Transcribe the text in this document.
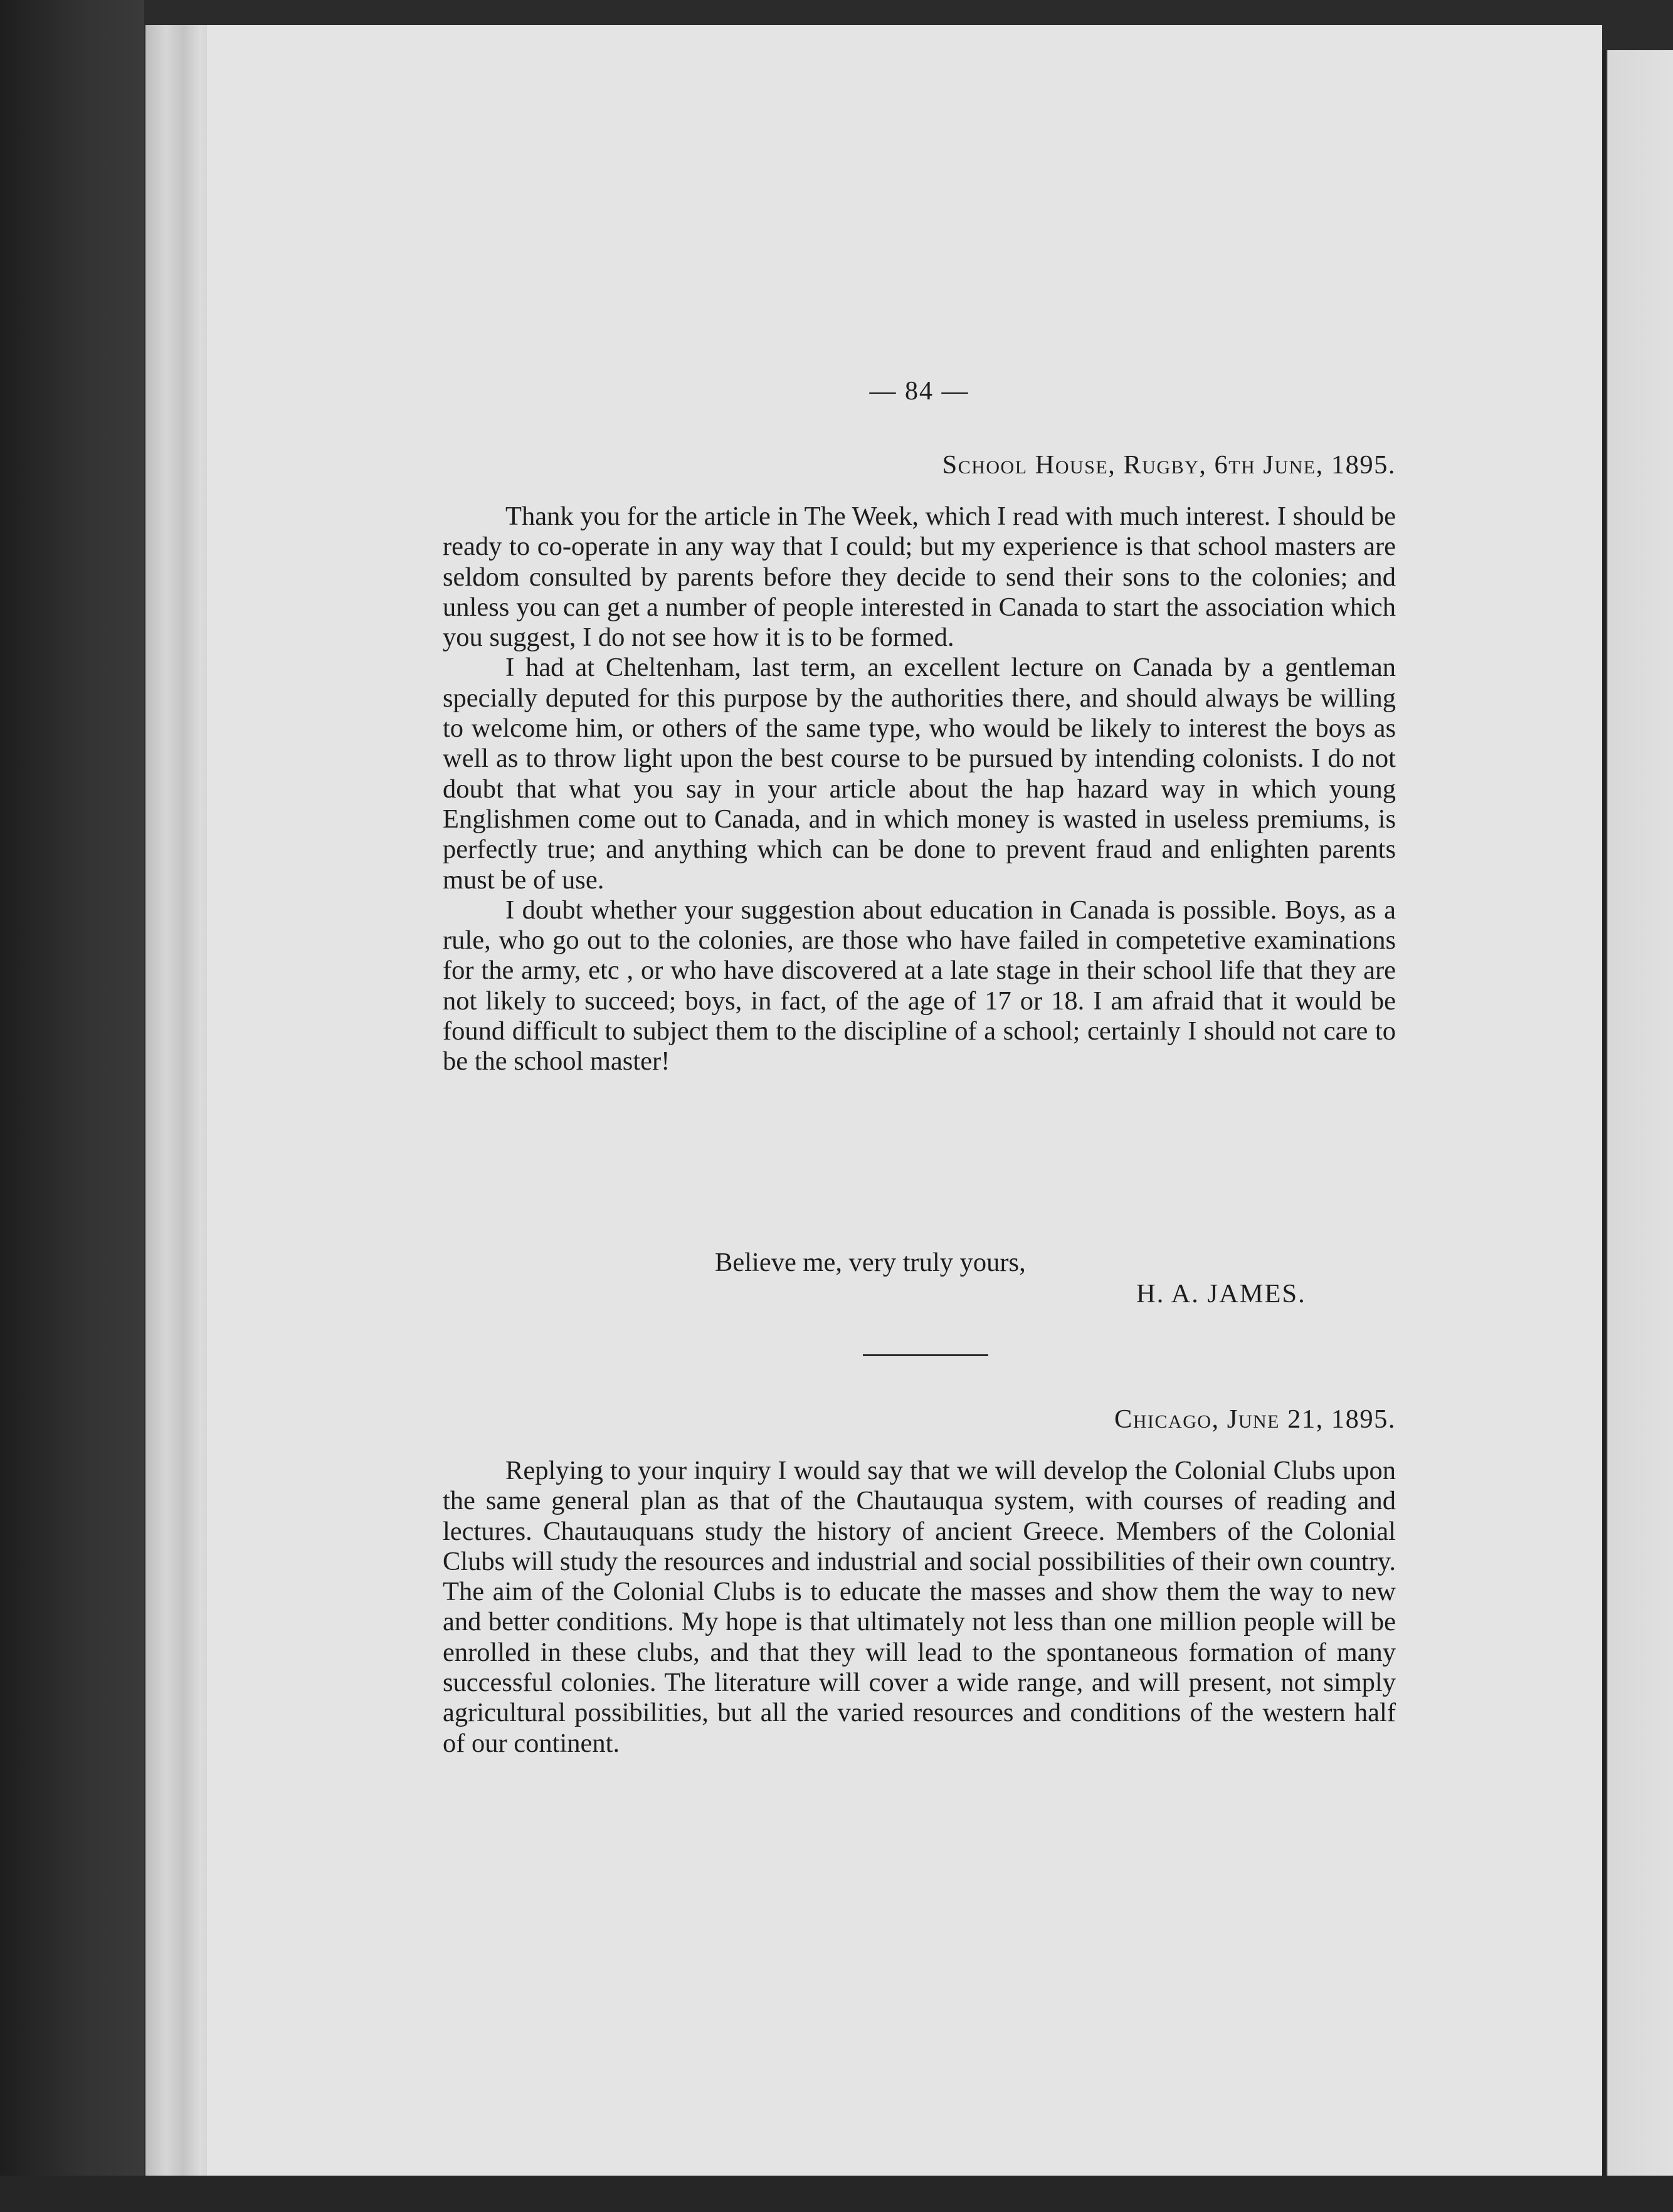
— 84 —
School House, Rugby, 6th June, 1895.

Thank you for the article in The Week, which I read with much interest. I should be ready to co-operate in any way that I could; but my experience is that school masters are seldom consulted by parents before they decide to send their sons to the colonies; and unless you can get a number of people interested in Canada to start the association which you suggest, I do not see how it is to be formed.

I had at Cheltenham, last term, an excellent lecture on Canada by a gentleman specially deputed for this purpose by the authorities there, and should always be willing to welcome him, or others of the same type, who would be likely to interest the boys as well as to throw light upon the best course to be pursued by intending colonists. I do not doubt that what you say in your article about the hap hazard way in which young Englishmen come out to Canada, and in which money is wasted in useless premiums, is perfectly true; and anything which can be done to prevent fraud and enlighten parents must be of use.

I doubt whether your suggestion about education in Canada is possible. Boys, as a rule, who go out to the colonies, are those who have failed in competetive examinations for the army, etc , or who have discovered at a late stage in their school life that they are not likely to succeed; boys, in fact, of the age of 17 or 18. I am afraid that it would be found difficult to subject them to the discipline of a school; certainly I should not care to be the school master!

Believe me, very truly yours,
H. A. JAMES.
Chicago, June 21, 1895.

Replying to your inquiry I would say that we will develop the Colonial Clubs upon the same general plan as that of the Chautauqua system, with courses of reading and lectures. Chautauquans study the history of ancient Greece. Members of the Colonial Clubs will study the resources and industrial and social possibilities of their own country. The aim of the Colonial Clubs is to educate the masses and show them the way to new and better conditions. My hope is that ultimately not less than one million people will be enrolled in these clubs, and that they will lead to the spontaneous formation of many successful colonies. The literature will cover a wide range, and will present, not simply agricultural possibilities, but all the varied resources and conditions of the western half of our continent.
